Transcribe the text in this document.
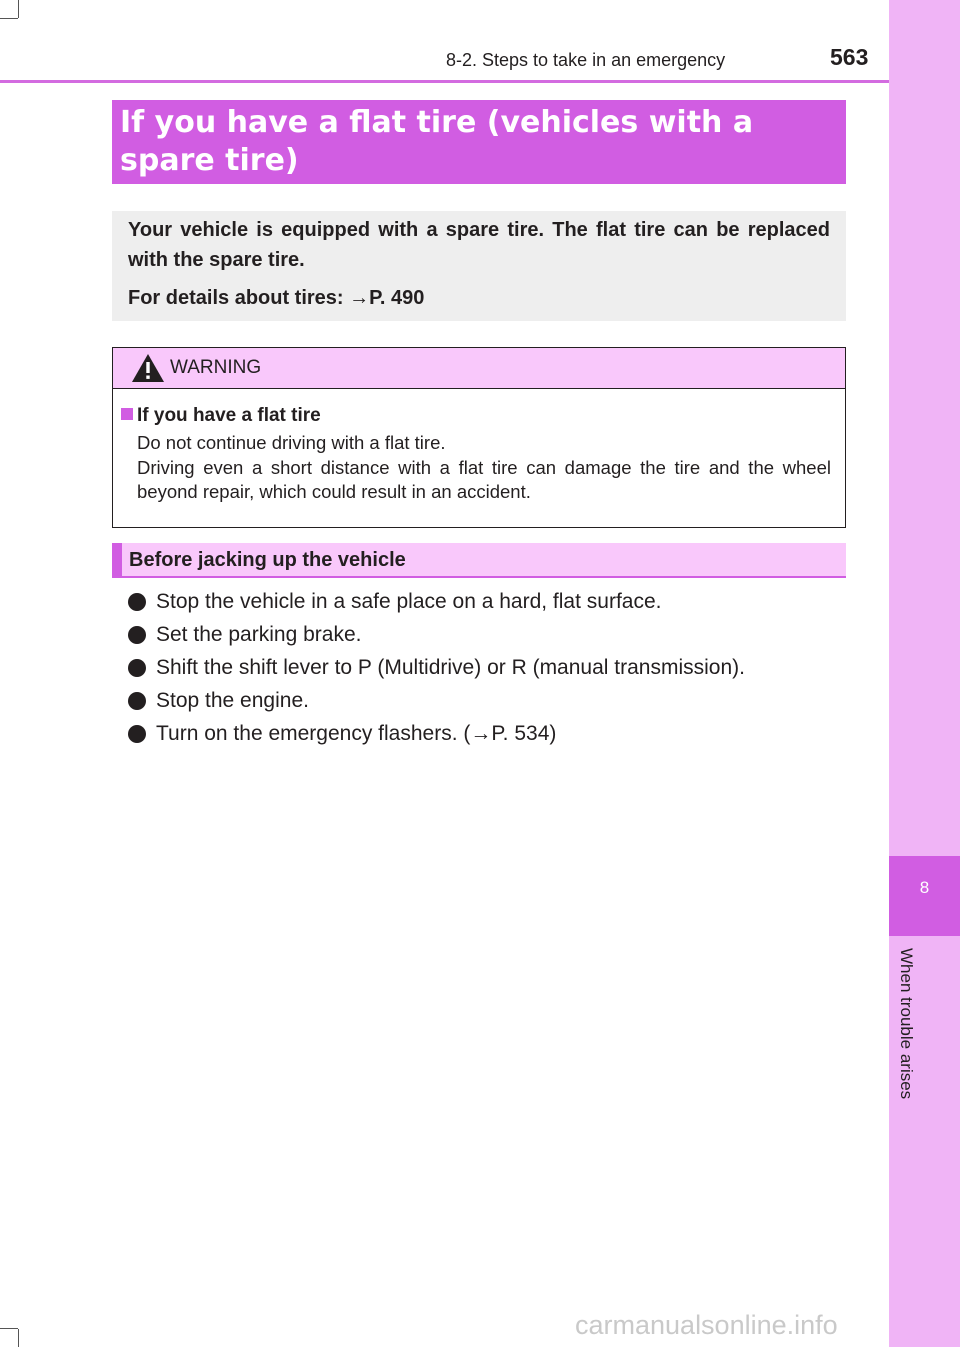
8-2. Steps to take in an emergency	563
8
When trouble arises
If you have a flat tire (vehicles with a spare tire)

Your vehicle is equipped with a spare tire. The flat tire can be replaced with the spare tire.

For details about tires: →P. 490

WARNING

If you have a flat tire

Do not continue driving with a flat tire.

Driving even a short distance with a flat tire can damage the tire and the wheel beyond repair, which could result in an accident.

Before jacking up the vehicle
Stop the vehicle in a safe place on a hard, flat surface.
Set the parking brake.
Shift the shift lever to P (Multidrive) or R (manual transmission).
Stop the engine.
Turn on the emergency flashers. (→P. 534)
carmanualsonline.info
